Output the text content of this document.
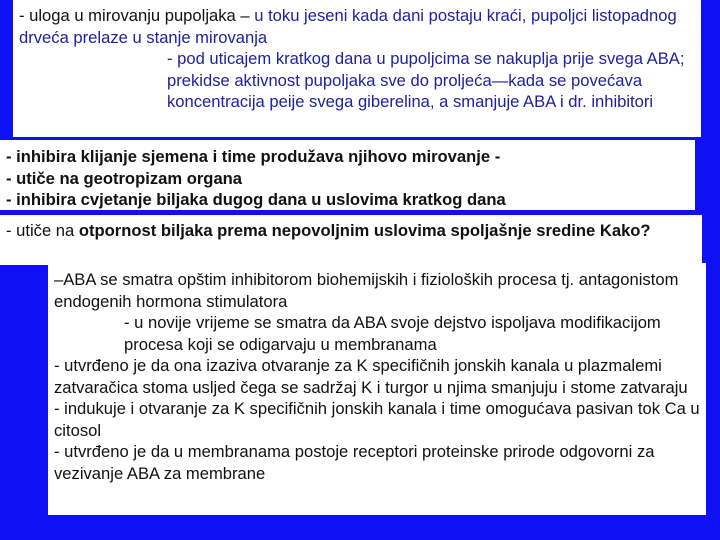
- uloga u mirovanju pupoljaka – u toku jeseni kada dani postaju kraći, pupoljci listopadnog drveća prelaze u stanje mirovanja

- pod uticajem kratkog dana u pupoljcima se nakuplja prije svega ABA; prekidse aktivnost pupoljaka sve do proljeća—kada se povećava koncentracija peije svega giberelina, a smanjuje ABA i dr. inhibitori

- inhibira klijanje sjemena i time produžava njihovo mirovanje -

- utiče na geotropizam organa

- inhibira cvjetanje biljaka dugog dana u uslovima kratkog dana

- utiče na otpornost biljaka prema nepovoljnim uslovima spoljašnje sredine Kako?

–ABA se smatra opštim inhibitorom biohemijskih i fizioloških procesa tj. antagonistom endogenih hormona stimulatora

- u novije vrijeme se smatra da ABA svoje dejstvo ispoljava modifikacijom procesa koji se odigarvaju u membranama

- utvrđeno je da ona izaziva otvaranje za K specifičnih jonskih kanala u plazmalemi zatvaračica stoma usljed čega se sadržaj K i turgor u njima smanjuju i stome zatvaraju

- indukuje i otvaranje za K specifičnih jonskih kanala i time omogućava pasivan tok Ca u citosol

- utvrđeno je da u membranama postoje receptori proteinske prirode odgovorni za vezivanje ABA za membrane
